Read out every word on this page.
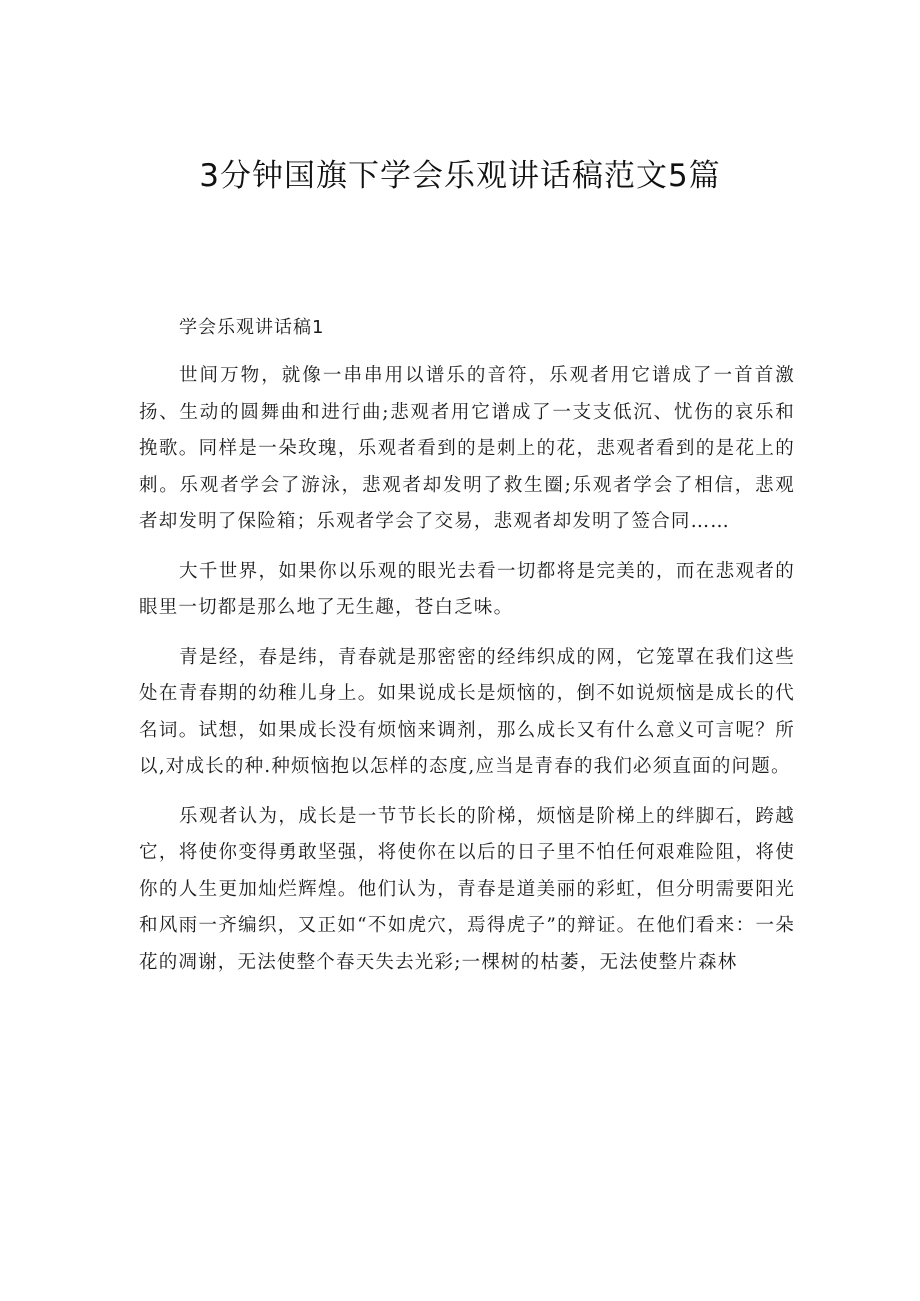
3分钟国旗下学会乐观讲话稿范文5篇
学会乐观讲话稿1

世间万物，就像一串串用以谱乐的音符，乐观者用它谱成了一首首激扬、生动的圆舞曲和进行曲;悲观者用它谱成了一支支低沉、忧伤的哀乐和挽歌。同样是一朵玫瑰，乐观者看到的是刺上的花，悲观者看到的是花上的刺。乐观者学会了游泳，悲观者却发明了救生圈;乐观者学会了相信，悲观者却发明了保险箱；乐观者学会了交易，悲观者却发明了签合同……

大千世界，如果你以乐观的眼光去看一切都将是完美的，而在悲观者的眼里一切都是那么地了无生趣，苍白乏味。

青是经，春是纬，青春就是那密密的经纬织成的网，它笼罩在我们这些处在青春期的幼稚儿身上。如果说成长是烦恼的，倒不如说烦恼是成长的代名词。试想，如果成长没有烦恼来调剂，那么成长又有什么意义可言呢？所以,对成长的种.种烦恼抱以怎样的态度,应当是青春的我们必须直面的问题。

乐观者认为，成长是一节节长长的阶梯，烦恼是阶梯上的绊脚石，跨越它，将使你变得勇敢坚强，将使你在以后的日子里不怕任何艰难险阻，将使你的人生更加灿烂辉煌。他们认为，青春是道美丽的彩虹，但分明需要阳光和风雨一齐编织，又正如“不如虎穴，焉得虎子”的辩证。在他们看来：一朵花的凋谢，无法使整个春天失去光彩;一棵树的枯萎，无法使整片森林
